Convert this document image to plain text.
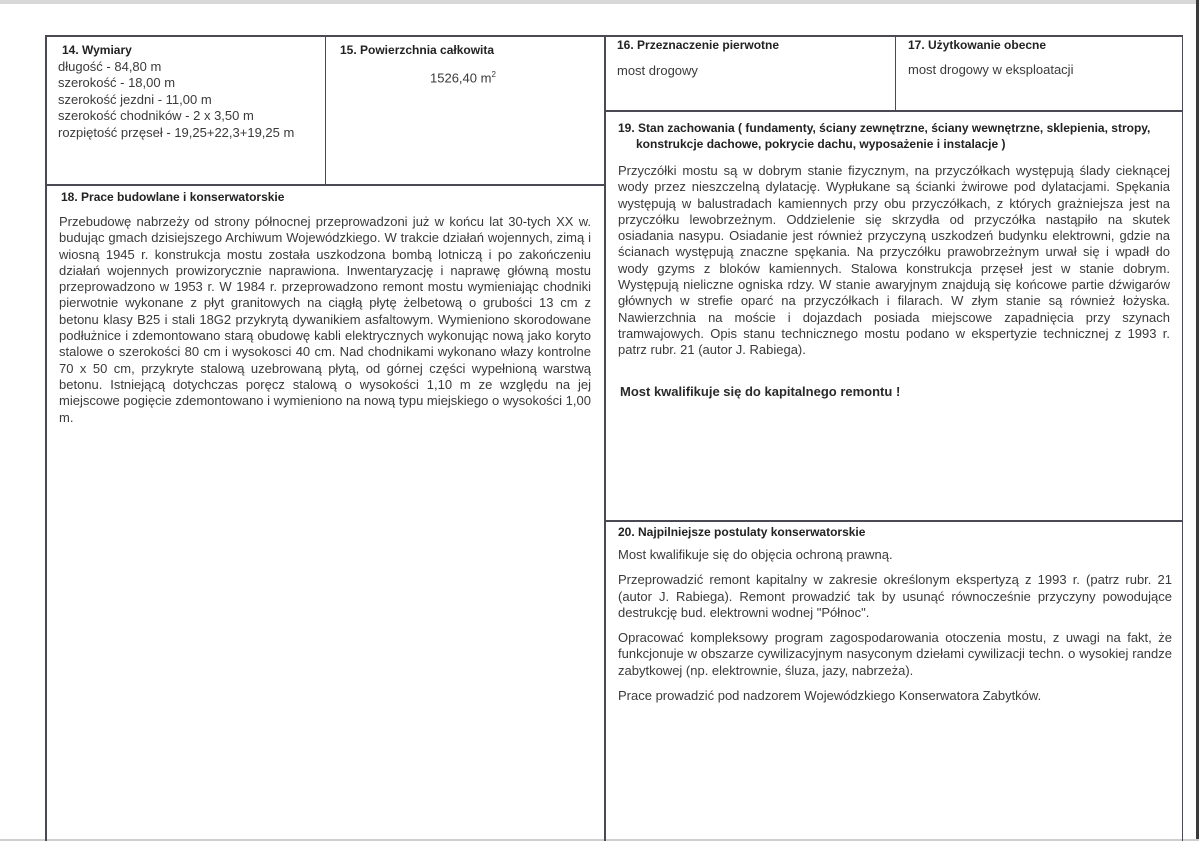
14. Wymiary
długość - 84,80 m
szerokość - 18,00 m
szerokość jezdni - 11,00 m
szerokość chodników - 2 x 3,50 m
rozpiętość przęseł - 19,25+22,3+19,25 m
15. Powierzchnia całkowita
1526,40 $m^2$
16. Przeznaczenie pierwotne
most drogowy
17. Użytkowanie obecne
most drogowy w eksploatacji
18. Prace budowlane i konserwatorskie
Przebudowę nabrzeży od strony północnej przeprowadzoni już w końcu lat 30-tych XX w. budując gmach dzisiejszego Archiwum Wojewódzkiego. W trakcie działań wojennych, zimą i wiosną 1945 r. konstrukcja mostu została uszkodzona bombą lotniczą i po zakończeniu działań wojennych prowizorycznie naprawiona. Inwentaryzację i naprawę główną mostu przeprowadzono w 1953 r. W 1984 r. przeprowadzono remont mostu wymieniając chodniki pierwotnie wykonane z płyt granitowych na ciągłą płytę żelbetową o grubości 13 cm z betonu klasy B25 i stali 18G2 przykrytą dywanikiem asfaltowym. Wymieniono skorodowane podłużnice i zdemontowano starą obudowę kabli elektrycznych wykonując nową jako koryto stalowe o szerokości 80 cm i wysokosci 40 cm. Nad chodnikami wykonano włazy kontrolne 70 x 50 cm, przykryte stalową uzebrowaną płytą, od górnej części wypełnioną warstwą betonu. Istniejącą dotychczas poręcz stalową o wysokości 1,10 m ze względu na jej miejscowe pogięcie zdemontowano i wymieniono na nową typu miejskiego o wysokości 1,00 m.
19. Stan zachowania ( fundamenty, ściany zewnętrzne, ściany wewnętrzne, sklepienia, stropy,
konstrukcje dachowe, pokrycie dachu, wyposażenie i instalacje )
Przyczółki mostu są w dobrym stanie fizycznym, na przyczółkach występują ślady cieknącej wody przez nieszczelną dylatację. Wypłukane są ścianki żwirowe pod dylatacjami. Spękania występują w balustradach kamiennych przy obu przyczółkach, z których grażniejsza jest na przyczółku lewobrzeżnym. Oddzielenie się skrzydła od przyczółka nastąpiło na skutek osiadania nasypu. Osiadanie jest również przyczyną uszkodzeń budynku elektrowni, gdzie na ścianach występują znaczne spękania. Na przyczółku prawobrzeżnym urwał się i wpadł do wody gzyms z bloków kamiennych. Stalowa konstrukcja przęseł jest w stanie dobrym. Występują nieliczne ogniska rdzy. W stanie awaryjnym znajdują się końcowe partie dźwigarów głównych w strefie oparć na przyczółkach i filarach. W złym stanie są również łożyska. Nawierzchnia na moście i dojazdach posiada miejscowe zapadnięcia przy szynach tramwajowych. Opis stanu technicznego mostu podano w ekspertyzie technicznej z 1993 r. patrz rubr. 21 (autor J. Rabiega).
Most kwalifikuje się do kapitalnego remontu !
20. Najpilniejsze postulaty konserwatorskie

Most kwalifikuje się do objęcia ochroną prawną.

Przeprowadzić remont kapitalny w zakresie określonym ekspertyzą z 1993 r. (patrz rubr. 21 (autor J. Rabiega). Remont prowadzić tak by usunąć równocześnie przyczyny powodujące destrukcję bud. elektrowni wodnej "Północ".

Opracować kompleksowy program zagospodarowania otoczenia mostu, z uwagi na fakt, że funkcjonuje w obszarze cywilizacyjnym nasyconym dziełami cywilizacji techn. o wysokiej randze zabytkowej (np. elektrownie, śluza, jazy, nabrzeża).

Prace prowadzić pod nadzorem Wojewódzkiego Konserwatora Zabytków.
